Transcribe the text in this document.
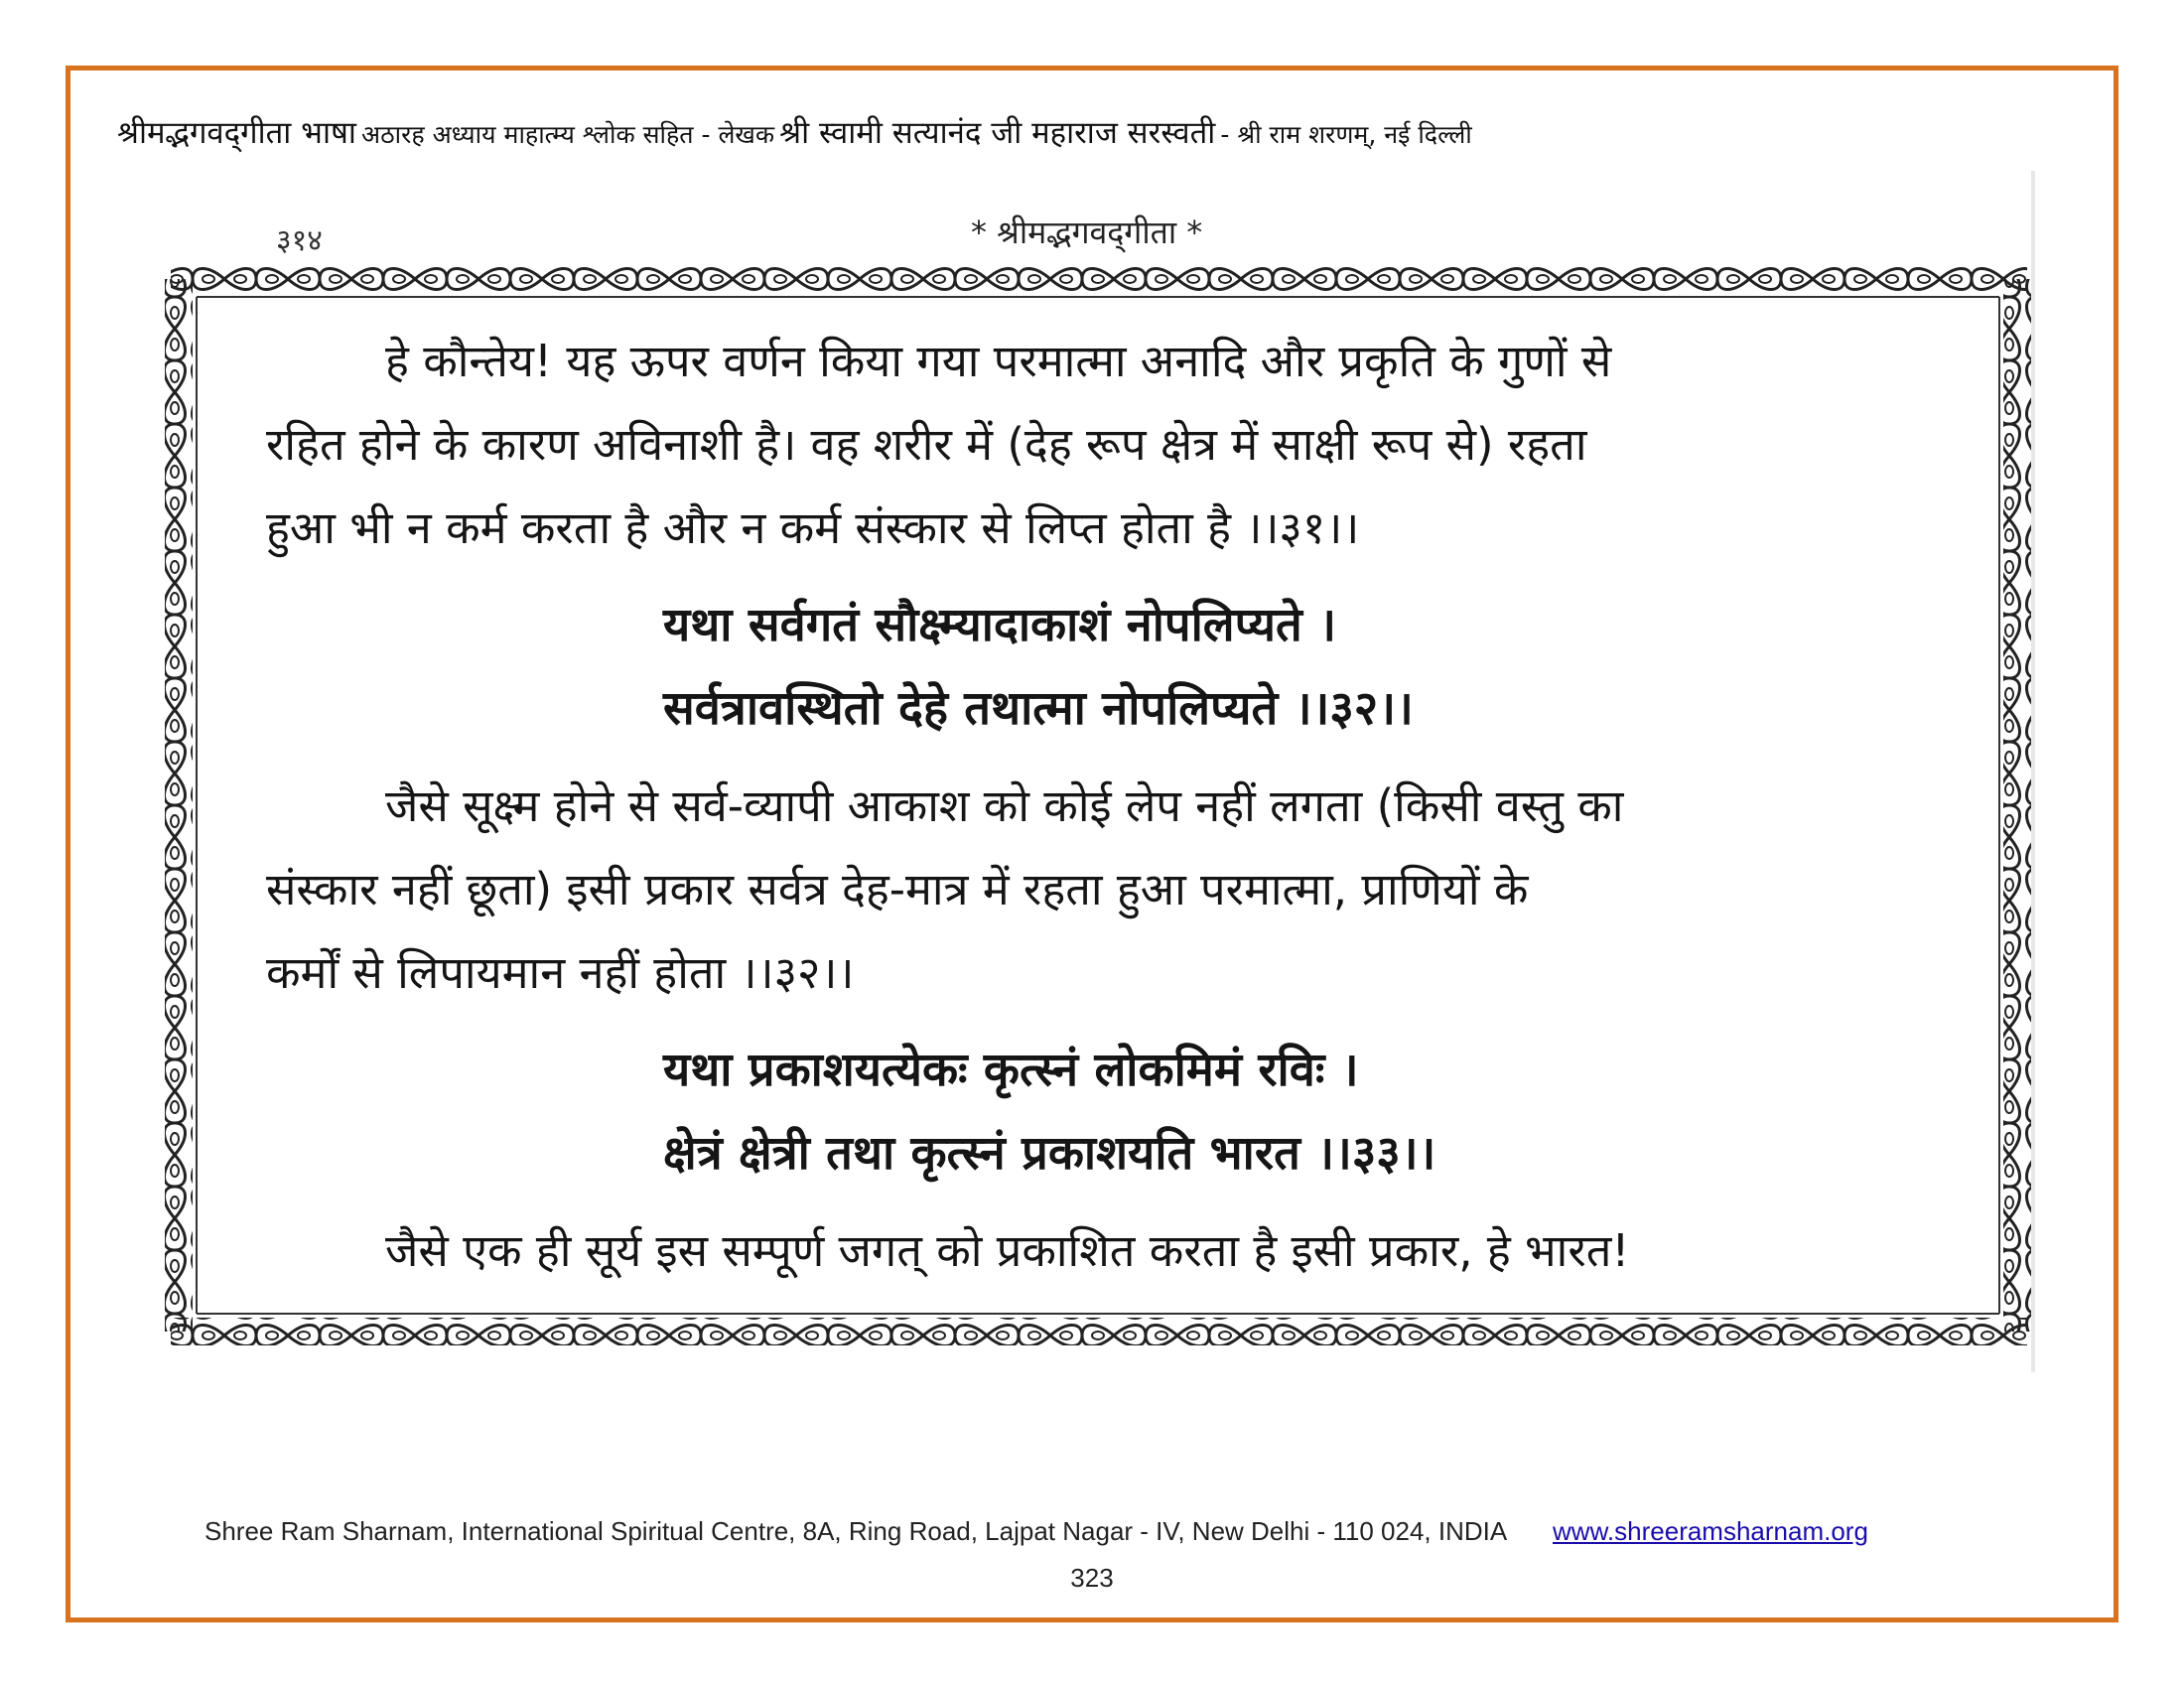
श्रीमद्भगवद्‌गीता भाषा अठारह अध्याय माहात्म्य श्लोक सहित - लेखक श्री स्वामी सत्यानंद जी महाराज सरस्वती - श्री राम शरणम्, नई दिल्ली
३१४	* श्रीमद्भगवद्‌गीता *

हे कौन्तेय! यह ऊपर वर्णन किया गया परमात्मा अनादि और प्रकृति के गुणों से

रहित होने के कारण अविनाशी है। वह शरीर में (देह रूप क्षेत्र में साक्षी रूप से) रहता

हुआ भी न कर्म करता है और न कर्म संस्कार से लिप्त होता है ।।३१।।

यथा सर्वगतं सौक्ष्म्यादाकाशं नोपलिप्यते ।

सर्वत्रावस्थितो देहे तथात्मा नोपलिप्यते ।।३२।।

जैसे सूक्ष्म होने से सर्व-व्यापी आकाश को कोई लेप नहीं लगता (किसी वस्तु का

संस्कार नहीं छूता) इसी प्रकार सर्वत्र देह-मात्र में रहता हुआ परमात्मा, प्राणियों के

कर्मों से लिपायमान नहीं होता ।।३२।।

यथा प्रकाशयत्येकः कृत्स्नं लोकमिमं रविः ।

क्षेत्रं क्षेत्री तथा कृत्स्नं प्रकाशयति भारत ।।३३।।

जैसे एक ही सूर्य इस सम्पूर्ण जगत् को प्रकाशित करता है इसी प्रकार, हे भारत!

Shree Ram Sharnam, International Spiritual Centre, 8A, Ring Road, Lajpat Nagar - IV, New Delhi - 110 024, INDIA www.shreeramsharnam.org
323
